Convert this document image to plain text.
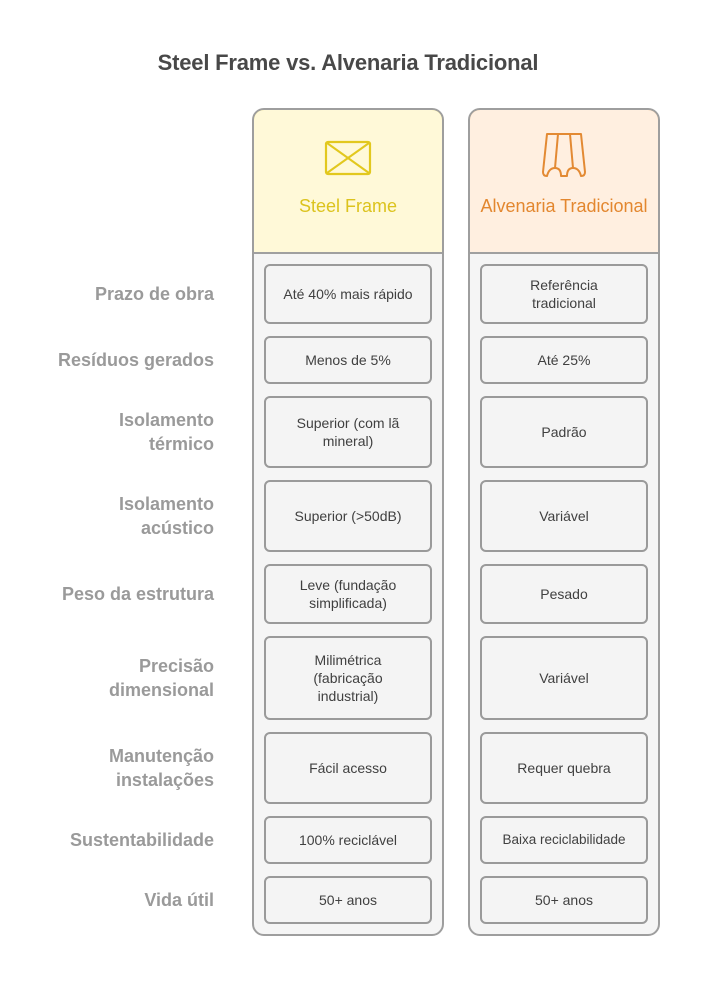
Steel Frame vs. Alvenaria Tradicional
Steel Frame	Alvenaria Tradicional
Prazo de obra
Resíduos gerados
Isolamento térmico
Isolamento acústico
Peso da estrutura
Precisão dimensional
Manutenção instalações
Sustentabilidade
Vida útil
Até 40% mais rápido
Menos de 5%
Superior (com lã mineral)
Superior (>50dB)
Leve (fundação simplificada)
Milimétrica (fabricação industrial)
Fácil acesso
100% reciclável
50+ anos
Referência tradicional
Até 25%
Padrão
Variável
Pesado
Variável
Requer quebra
Baixa reciclabilidade
50+ anos
